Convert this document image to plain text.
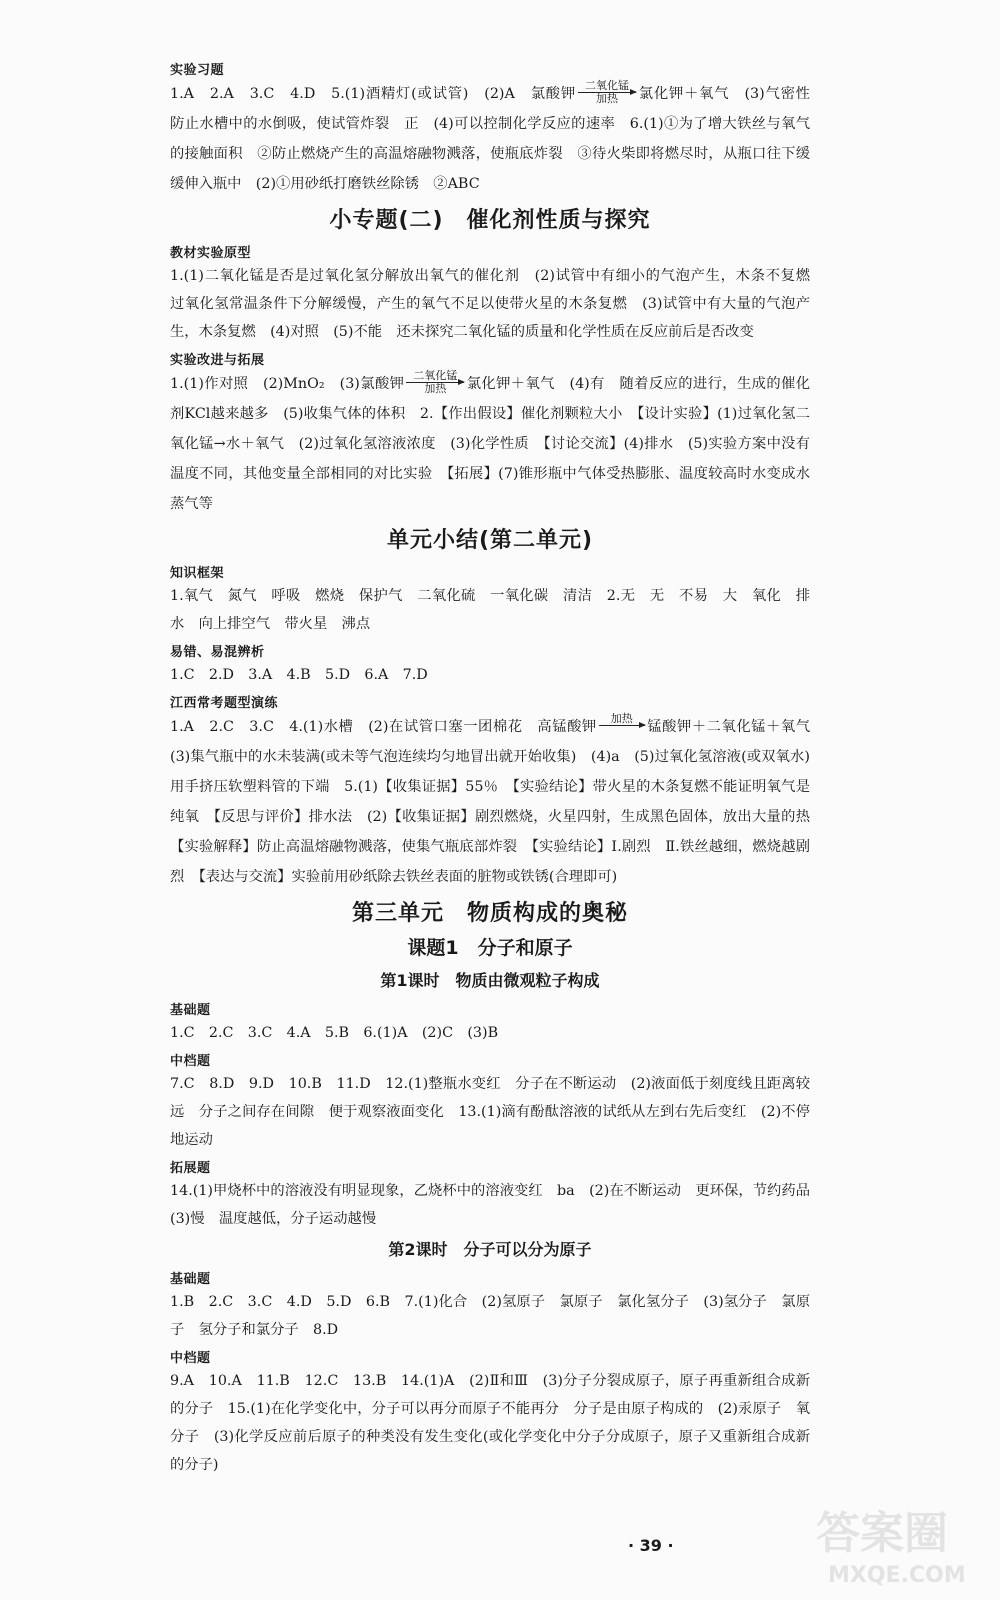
实验习题
1.A　2.A　3.C　4.D　5.(1)酒精灯(或试管)　(2)A　氯酸钾
二氧化锰
加热	氯化钾＋氧气　(3)气密性　防止水槽中的水倒吸，使试管炸裂　正　(4)可以控制化学反应的速率　6.(1)①为了增大铁丝与氧气的接触面积　②防止燃烧产生的高温熔融物溅落，使瓶底炸裂　③待火柴即将燃尽时，从瓶口往下缓缓伸入瓶中　(2)①用砂纸打磨铁丝除锈　②ABC
小专题(二)　催化剂性质与探究
教材实验原型
1.(1)二氧化锰是否是过氧化氢分解放出氧气的催化剂　(2)试管中有细小的气泡产生，木条不复燃　过氧化氢常温条件下分解缓慢，产生的氧气不足以使带火星的木条复燃　(3)试管中有大量的气泡产生，木条复燃　(4)对照　(5)不能　还未探究二氧化锰的质量和化学性质在反应前后是否改变
实验改进与拓展
1.(1)作对照　(2)MnO₂　(3)氯酸钾
二氧化锰
加热	氯化钾＋氧气　(4)有　随着反应的进行，生成的催化剂KCl越来越多　(5)收集气体的体积　2.【作出假设】催化剂颗粒大小　【设计实验】(1)过氧化氢二氧化锰→水＋氧气　(2)过氧化氢溶液浓度　(3)化学性质　【讨论交流】(4)排水　(5)实验方案中没有温度不同，其他变量全部相同的对比实验　【拓展】(7)锥形瓶中气体受热膨胀、温度较高时水变成水蒸气等
单元小结(第二单元)
知识框架
1.氧气　氮气　呼吸　燃烧　保护气　二氧化硫　一氧化碳　清洁　2.无　无　不易　大　氧化　排水　向上排空气　带火星　沸点
易错、易混辨析
1.C　2.D　3.A　4.B　5.D　6.A　7.D
江西常考题型演练
1.A　2.C　3.C　4.(1)水槽　(2)在试管口塞一团棉花　高锰酸钾
加热

锰酸钾＋二氧化锰＋氧气　(3)集气瓶中的水未装满(或未等气泡连续均匀地冒出就开始收集)　(4)a　(5)过氧化氢溶液(或双氧水)　用手挤压软塑料管的下端　5.(1)【收集证据】55％　【实验结论】带火星的木条复燃不能证明氧气是纯氧　【反思与评价】排水法　(2)【收集证据】剧烈燃烧，火星四射，生成黑色固体，放出大量的热　【实验解释】防止高温熔融物溅落，使集气瓶底部炸裂　【实验结论】Ⅰ.剧烈　Ⅱ.铁丝越细，燃烧越剧烈　【表达与交流】实验前用砂纸除去铁丝表面的脏物或铁锈(合理即可)
第三单元　物质构成的奥秘
课题1　分子和原子
第1课时　物质由微观粒子构成
基础题
1.C　2.C　3.C　4.A　5.B　6.(1)A　(2)C　(3)B
中档题
7.C　8.D　9.D　10.B　11.D　12.(1)整瓶水变红　分子在不断运动　(2)液面低于刻度线且距离较远　分子之间存在间隙　便于观察液面变化　13.(1)滴有酚酞溶液的试纸从左到右先后变红　(2)不停地运动
拓展题
14.(1)甲烧杯中的溶液没有明显现象，乙烧杯中的溶液变红　ba　(2)在不断运动　更环保，节约药品　(3)慢　温度越低，分子运动越慢
第2课时　分子可以分为原子
基础题
1.B　2.C　3.C　4.D　5.D　6.B　7.(1)化合　(2)氢原子　氯原子　氯化氢分子　(3)氢分子　氯原子　氢分子和氯分子　8.D
中档题
9.A　10.A　11.B　12.C　13.B　14.(1)A　(2)Ⅱ和Ⅲ　(3)分子分裂成原子，原子再重新组合成新的分子　15.(1)在化学变化中，分子可以再分而原子不能再分　分子是由原子构成的　(2)汞原子　氧分子　(3)化学反应前后原子的种类没有发生变化(或化学变化中分子分成原子，原子又重新组合成新的分子)
· 39 ·	答案圈
MXQE.COM
